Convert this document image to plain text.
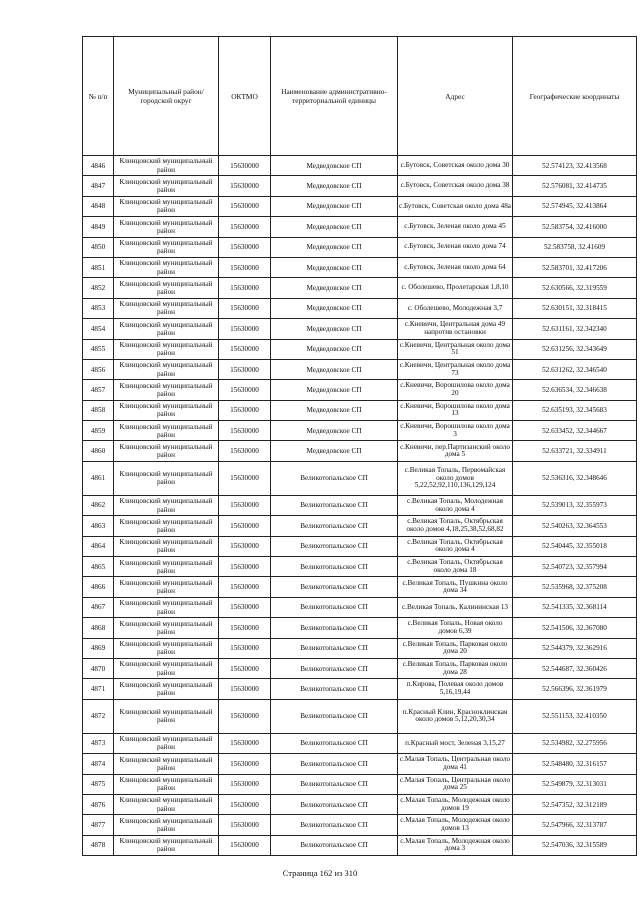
№ п/п	Муниципальный район/городской округ	ОКТМО	Наименование административно-территориальной единицы	Адрес	Географические координаты
4846	Клинцовский муниципальный район	15630000	Медведовское СП	с.Бутовск, Советская около дома 30	52.574123, 32.413568
4847	Клинцовский муниципальный район	15630000	Медведовское СП	с.Бутовск, Советская около дома 38	52.576081, 32.414735
4848	Клинцовский муниципальный район	15630000	Медведовское СП	с.Бутовск, Советская около дома 48а	52.574945, 32.413864
4849	Клинцовский муниципальный район	15630000	Медведовское СП	с.Бутовск, Зеленая около дома 45	52.583754, 32.416000
4850	Клинцовский муниципальный район	15630000	Медведовское СП	с.Бутовск, Зеленая около дома 74	52.583758, 32.41609
4851	Клинцовский муниципальный район	15630000	Медведовское СП	с.Бутовск, Зеленая около дома 64	52.583701, 32.417206
4852	Клинцовский муниципальный район	15630000	Медведовское СП	с. Оболешево, Пролетарская 1,8,10	52.630566, 32.319559
4853	Клинцовский муниципальный район	15630000	Медведовское СП	с. Оболешево, Молодежная 3,7	52.630151, 32.318415
4854	Клинцовский муниципальный район	15630000	Медведовское СП	с.Кневичи, Центральная дома 49 напротив остановки	52.631161, 32.342340
4855	Клинцовский муниципальный район	15630000	Медведовское СП	с.Кневичи, Центральная около дома 51	52.631256, 32.343649
4856	Клинцовский муниципальный район	15630000	Медведовское СП	с.Кневичи, Центральная около дома 73	52.631262, 32.346540
4857	Клинцовский муниципальный район	15630000	Медведовское СП	с.Кневичи, Ворошилова около дома 20	52.636534, 32.346638
4858	Клинцовский муниципальный район	15630000	Медведовское СП	с.Кневичи, Ворошилова около дома 13	52.635193, 32.345683
4859	Клинцовский муниципальный район	15630000	Медведовское СП	с.Кневичи, Ворошилова около дома 3	52.633452, 32.344667
4860	Клинцовский муниципальный район	15630000	Медведовское СП	с.Кневичи, пер.Партизанский около дома 5	52.633721, 32.334911
4861	Клинцовский муниципальный район	15630000	Великотопальское СП	с.Великая Топаль, Первомайская около домов 5,22,52,92,110,136,129,124	52.536316, 32.348646
4862	Клинцовский муниципальный район	15630000	Великотопальское СП	с.Великая Топаль, Молодежная около дома 4	52.539013, 32.355973
4863	Клинцовский муниципальный район	15630000	Великотопальское СП	с.Великая Топаль, Октябрьская около домов 4,18,25,38,52,68,82	52.540263, 32.364553
4864	Клинцовский муниципальный район	15630000	Великотопальское СП	с.Великая Топаль, Октябрьская около дома 4	52.540445, 32.355018
4865	Клинцовский муниципальный район	15630000	Великотопальское СП	с.Великая Топаль, Октябрьская около дома 18	52.540723, 32.357994
4866	Клинцовский муниципальный район	15630000	Великотопальское СП	с.Великая Топаль, Пушкина около дома 34	52.535968, 32.375208
4867	Клинцовский муниципальный район	15630000	Великотопальское СП	с.Великая Топаль, Калининская 13	52.541335, 32.368114
4868	Клинцовский муниципальный район	15630000	Великотопальское СП	с.Великая Топаль, Новая около домов 6,39	52.541506, 32.367080
4869	Клинцовский муниципальный район	15630000	Великотопальское СП	с.Великая Топаль, Парковая около дома 20	52.544379, 32.362916
4870	Клинцовский муниципальный район	15630000	Великотопальское СП	с.Великая Топаль, Парковая около дома 28	52.544687, 32.360426
4871	Клинцовский муниципальный район	15630000	Великотопальское СП	п.Кирова, Полевая около домов 5,16,19,44	52.566396, 32.361979
4872	Клинцовский муниципальный район	15630000	Великотопальское СП	п.Красный Клин, Красноклинская около домов 5,12,20,30,34	52.551153, 32.410350
4873	Клинцовский муниципальный район	15630000	Великотопальское СП	п.Красный мост, Зеленая 3,15,27	52.534982, 32.275956
4874	Клинцовский муниципальный район	15630000	Великотопальское СП	с.Малая Топаль, Центральная около дома 41	52.548480, 32.316157
4875	Клинцовский муниципальный район	15630000	Великотопальское СП	с.Малая Топаль, Центральная около дома 25	52.549879, 32.313031
4876	Клинцовский муниципальный район	15630000	Великотопальское СП	с.Малая Топаль, Молодежная около домов 19	52.547352, 32.312189
4877	Клинцовский муниципальный район	15630000	Великотопальское СП	с.Малая Топаль, Молодежная около домов 13	52.547966, 32.313787
4878	Клинцовский муниципальный район	15630000	Великотопальское СП	с.Малая Топаль, Молодежная около дома 3	52.547036, 32.315589
Страница 162 из 310
